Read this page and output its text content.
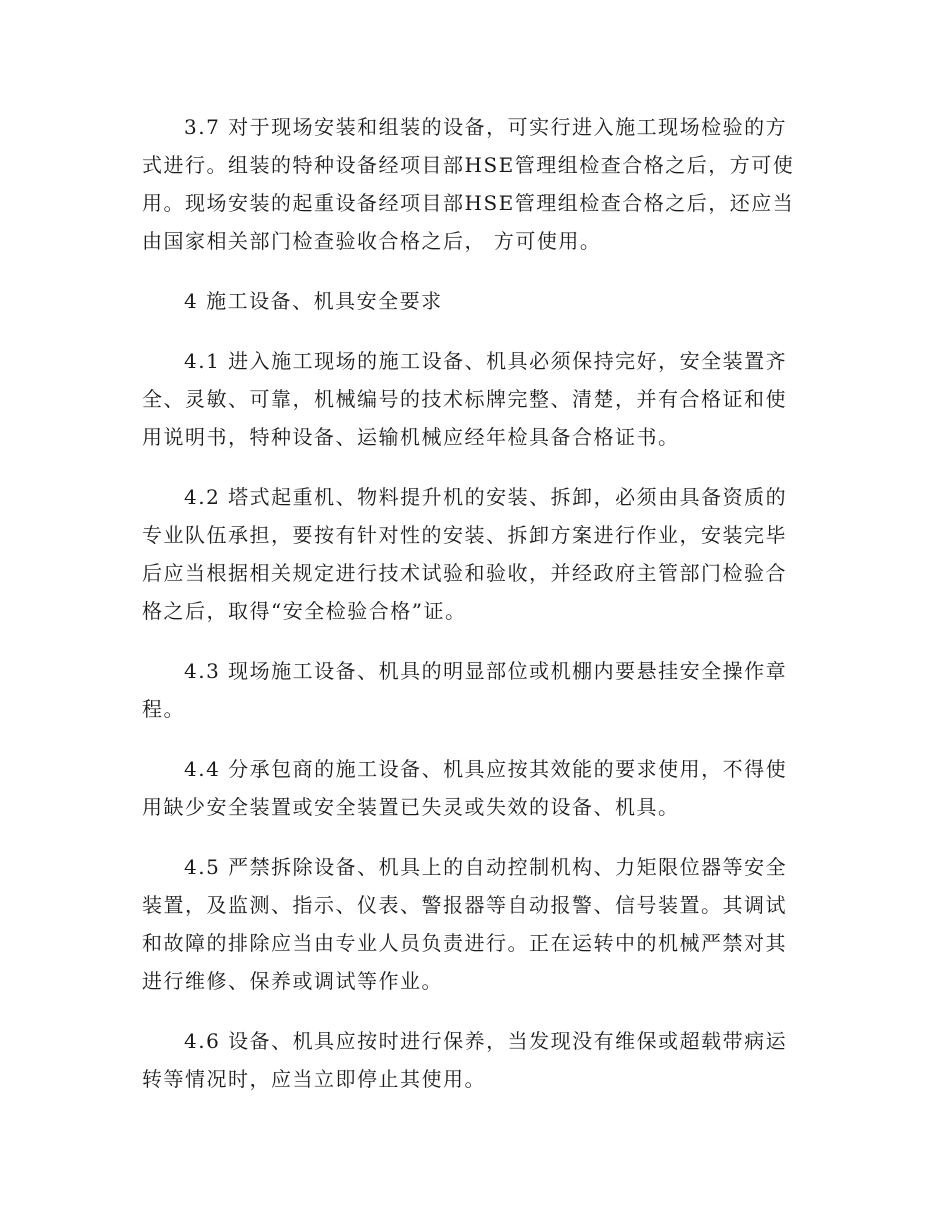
3.7 对于现场安装和组装的设备，可实行进入施工现场检验的方
式进行。组装的特种设备经项目部HSE管理组检查合格之后，方可使
用。现场安装的起重设备经项目部HSE管理组检查合格之后，还应当
由国家相关部门检查验收合格之后， 方可使用。

4 施工设备、机具安全要求

4.1 进入施工现场的施工设备、机具必须保持完好，安全装置齐
全、灵敏、可靠，机械编号的技术标牌完整、清楚，并有合格证和使
用说明书，特种设备、运输机械应经年检具备合格证书。

4.2 塔式起重机、物料提升机的安装、拆卸，必须由具备资质的
专业队伍承担，要按有针对性的安装、拆卸方案进行作业，安装完毕
后应当根据相关规定进行技术试验和验收，并经政府主管部门检验合
格之后，取得“安全检验合格”证。

4.3 现场施工设备、机具的明显部位或机棚内要悬挂安全操作章
程。

4.4 分承包商的施工设备、机具应按其效能的要求使用，不得使
用缺少安全装置或安全装置已失灵或失效的设备、机具。

4.5 严禁拆除设备、机具上的自动控制机构、力矩限位器等安全
装置，及监测、指示、仪表、警报器等自动报警、信号装置。其调试
和故障的排除应当由专业人员负责进行。正在运转中的机械严禁对其
进行维修、保养或调试等作业。

4.6 设备、机具应按时进行保养，当发现没有维保或超载带病运
转等情况时，应当立即停止其使用。
